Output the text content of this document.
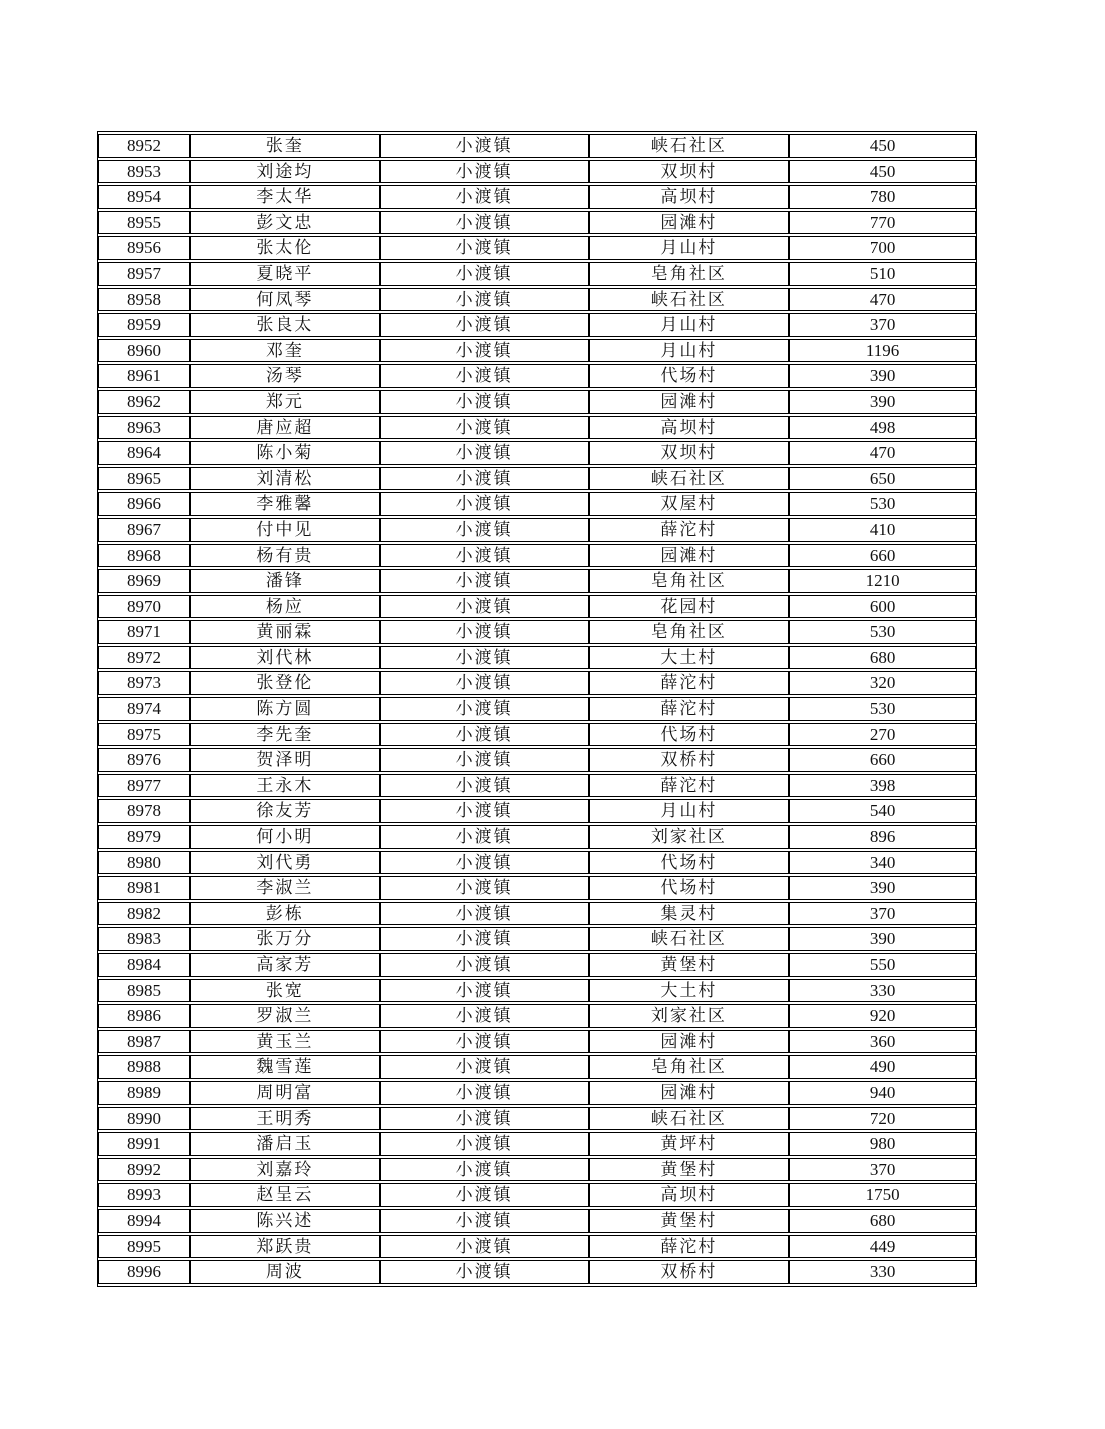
8952	张奎	小渡镇	峡石社区	450
8953	刘途均	小渡镇	双坝村	450
8954	李太华	小渡镇	高坝村	780
8955	彭文忠	小渡镇	园滩村	770
8956	张太伦	小渡镇	月山村	700
8957	夏晓平	小渡镇	皂角社区	510
8958	何凤琴	小渡镇	峡石社区	470
8959	张良太	小渡镇	月山村	370
8960	邓奎	小渡镇	月山村	1196
8961	汤琴	小渡镇	代场村	390
8962	郑元	小渡镇	园滩村	390
8963	唐应超	小渡镇	高坝村	498
8964	陈小菊	小渡镇	双坝村	470
8965	刘清松	小渡镇	峡石社区	650
8966	李雅馨	小渡镇	双屋村	530
8967	付中见	小渡镇	薛沱村	410
8968	杨有贵	小渡镇	园滩村	660
8969	潘锋	小渡镇	皂角社区	1210
8970	杨应	小渡镇	花园村	600
8971	黄丽霖	小渡镇	皂角社区	530
8972	刘代林	小渡镇	大土村	680
8973	张登伦	小渡镇	薛沱村	320
8974	陈方圆	小渡镇	薛沱村	530
8975	李先奎	小渡镇	代场村	270
8976	贺泽明	小渡镇	双桥村	660
8977	王永木	小渡镇	薛沱村	398
8978	徐友芳	小渡镇	月山村	540
8979	何小明	小渡镇	刘家社区	896
8980	刘代勇	小渡镇	代场村	340
8981	李淑兰	小渡镇	代场村	390
8982	彭栋	小渡镇	集灵村	370
8983	张万分	小渡镇	峡石社区	390
8984	高家芳	小渡镇	黄堡村	550
8985	张宽	小渡镇	大土村	330
8986	罗淑兰	小渡镇	刘家社区	920
8987	黄玉兰	小渡镇	园滩村	360
8988	魏雪莲	小渡镇	皂角社区	490
8989	周明富	小渡镇	园滩村	940
8990	王明秀	小渡镇	峡石社区	720
8991	潘启玉	小渡镇	黄坪村	980
8992	刘嘉玲	小渡镇	黄堡村	370
8993	赵呈云	小渡镇	高坝村	1750
8994	陈兴述	小渡镇	黄堡村	680
8995	郑跃贵	小渡镇	薛沱村	449
8996	周波	小渡镇	双桥村	330
